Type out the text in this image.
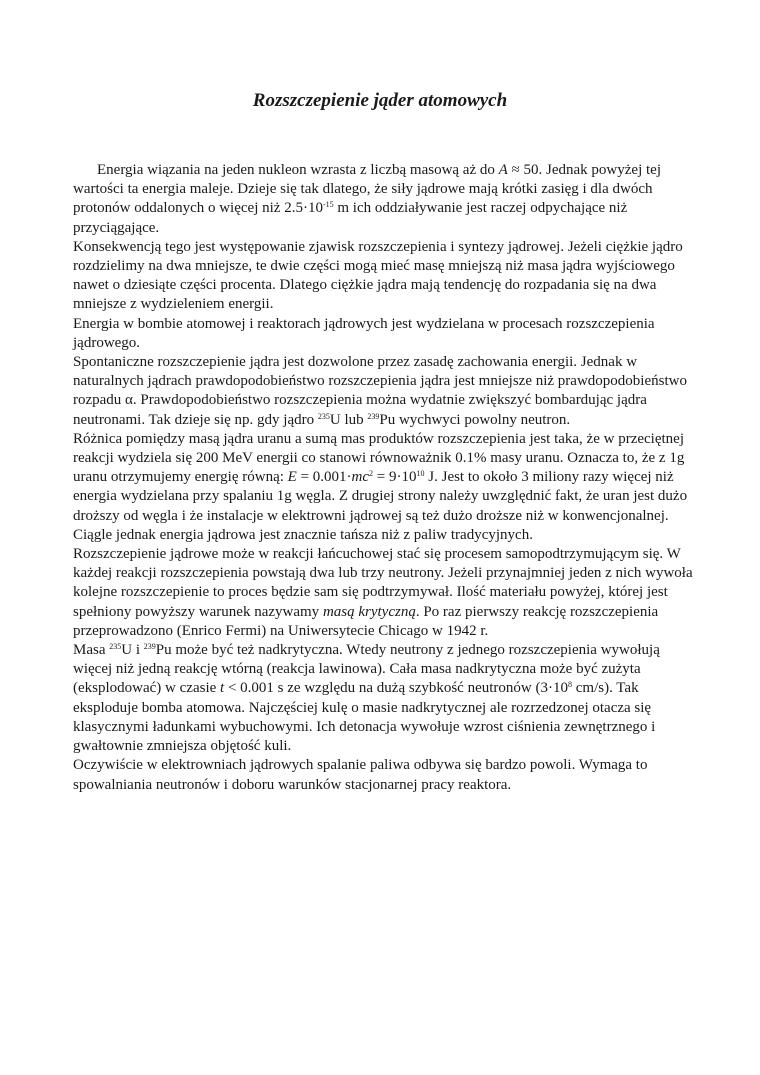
Rozszczepienie jąder atomowych

Energia wiązania na jeden nukleon wzrasta z liczbą masową aż do A ≈ 50. Jednak powyżej tej wartości ta energia maleje. Dzieje się tak dlatego, że siły jądrowe mają krótki zasięg i dla dwóch protonów oddalonych o więcej niż $2.5\cdot 10^{-15}$ m ich oddziaływanie jest raczej odpychające niż przyciągające.

Konsekwencją tego jest występowanie zjawisk rozszczepienia i syntezy jądrowej. Jeżeli ciężkie jądro rozdzielimy na dwa mniejsze, te dwie części mogą mieć masę mniejszą niż masa jądra wyjściowego nawet o dziesiąte części procenta. Dlatego ciężkie jądra mają tendencję do rozpadania się na dwa mniejsze z wydzieleniem energii.

Energia w bombie atomowej i reaktorach jądrowych jest wydzielana w procesach rozszczepienia jądrowego.

Spontaniczne rozszczepienie jądra jest dozwolone przez zasadę zachowania energii. Jednak w naturalnych jądrach prawdopodobieństwo rozszczepienia jądra jest mniejsze niż prawdopodobieństwo rozpadu α. Prawdopodobieństwo rozszczepienia można wydatnie zwiększyć bombardując jądra neutronami. Tak dzieje się np. gdy jądro $^{235}$U lub $^{239}$Pu wychwyci powolny neutron.

Różnica pomiędzy masą jądra uranu a sumą mas produktów rozszczepienia jest taka, że w przeciętnej reakcji wydziela się 200 MeV energii co stanowi równoważnik 0.1% masy uranu. Oznacza to, że z 1g uranu otrzymujemy energię równą: $E = 0.001\cdot mc^2 = 9\cdot 10^{10}$ J. Jest to około 3 miliony razy więcej niż energia wydzielana przy spalaniu 1g węgla. Z drugiej strony należy uwzględnić fakt, że uran jest dużo droższy od węgla i że instalacje w elektrowni jądrowej są też dużo droższe niż w konwencjonalnej. Ciągle jednak energia jądrowa jest znacznie tańsza niż z paliw tradycyjnych.

Rozszczepienie jądrowe może w reakcji łańcuchowej stać się procesem samopodtrzymującym się. W każdej reakcji rozszczepienia powstają dwa lub trzy neutrony. Jeżeli przynajmniej jeden z nich wywoła kolejne rozszczepienie to proces będzie sam się podtrzymywał. Ilość materiału powyżej, której jest spełniony powyższy warunek nazywamy masą krytyczną. Po raz pierwszy reakcję rozszczepienia przeprowadzono (Enrico Fermi) na Uniwersytecie Chicago w 1942 r.

Masa $^{235}$U i $^{239}$Pu może być też nadkrytyczna. Wtedy neutrony z jednego rozszczepienia wywołują więcej niż jedną reakcję wtórną (reakcja lawinowa). Cała masa nadkrytyczna może być zużyta (eksplodować) w czasie t < 0.001 s ze względu na dużą szybkość neutronów ($3\cdot 10^8$ cm/s). Tak eksploduje bomba atomowa. Najczęściej kulę o masie nadkrytycznej ale rozrzedzonej otacza się klasycznymi ładunkami wybuchowymi. Ich detonacja wywołuje wzrost ciśnienia zewnętrznego i gwałtownie zmniejsza objętość kuli.

Oczywiście w elektrowniach jądrowych spalanie paliwa odbywa się bardzo powoli. Wymaga to spowalniania neutronów i doboru warunków stacjonarnej pracy reaktora.
